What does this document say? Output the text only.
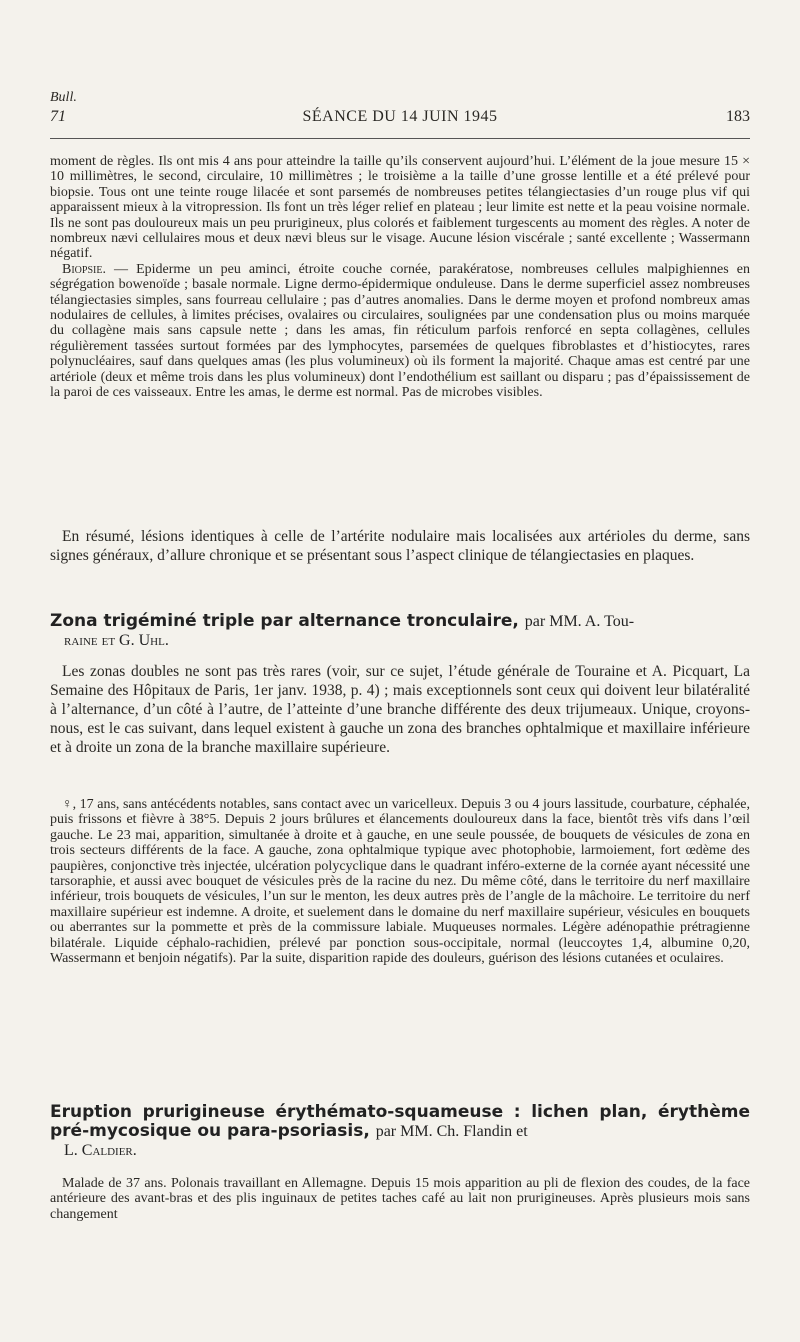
Bull.
71	SÉANCE DU 14 JUIN 1945	183

moment de règles. Ils ont mis 4 ans pour atteindre la taille qu’ils conservent aujourd’hui. L’élément de la joue mesure 15 × 10 millimètres, le second, circulaire, 10 millimètres ; le troisième a la taille d’une grosse lentille et a été prélevé pour biopsie. Tous ont une teinte rouge lilacée et sont parsemés de nombreuses petites télangiectasies d’un rouge plus vif qui apparaissent mieux à la vitropression. Ils font un très léger relief en plateau ; leur limite est nette et la peau voisine normale. Ils ne sont pas douloureux mais un peu prurigineux, plus colorés et faiblement turgescents au moment des règles. A noter de nombreux nævi cellulaires mous et deux nævi bleus sur le visage. Aucune lésion viscérale ; santé excellente ; Wassermann négatif.

Biopsie. — Epiderme un peu aminci, étroite couche cornée, parakératose, nombreuses cellules malpighiennes en ségrégation bowenoïde ; basale normale. Ligne dermo-épidermique onduleuse. Dans le derme superficiel assez nombreuses télangiectasies simples, sans fourreau cellulaire ; pas d’autres anomalies. Dans le derme moyen et profond nombreux amas nodulaires de cellules, à limites précises, ovalaires ou circulaires, soulignées par une condensation plus ou moins marquée du collagène mais sans capsule nette ; dans les amas, fin réticulum parfois renforcé en septa collagènes, cellules régulièrement tassées surtout formées par des lymphocytes, parsemées de quelques fibroblastes et d’histiocytes, rares polynucléaires, sauf dans quelques amas (les plus volumineux) où ils forment la majorité. Chaque amas est centré par une artériole (deux et même trois dans les plus volumineux) dont l’endothélium est saillant ou disparu ; pas d’épaississement de la paroi de ces vaisseaux. Entre les amas, le derme est normal. Pas de microbes visibles.

En résumé, lésions identiques à celle de l’artérite nodulaire mais localisées aux artérioles du derme, sans signes généraux, d’allure chronique et se présentant sous l’aspect clinique de télangiectasies en plaques.

Zona trigéminé triple par alternance tronculaire, par MM. A. Tou-
raine et G. Uhl.

Les zonas doubles ne sont pas très rares (voir, sur ce sujet, l’étude générale de Touraine et A. Picquart, La Semaine des Hôpitaux de Paris, 1er janv. 1938, p. 4) ; mais exceptionnels sont ceux qui doivent leur bilatéralité à l’alternance, d’un côté à l’autre, de l’atteinte d’une branche différente des deux trijumeaux. Unique, croyons-nous, est le cas suivant, dans lequel existent à gauche un zona des branches ophtalmique et maxillaire inférieure et à droite un zona de la branche maxillaire supérieure.

♀, 17 ans, sans antécédents notables, sans contact avec un varicelleux. Depuis 3 ou 4 jours lassitude, courbature, céphalée, puis frissons et fièvre à 38°5. Depuis 2 jours brûlures et élancements douloureux dans la face, bientôt très vifs dans l’œil gauche. Le 23 mai, apparition, simultanée à droite et à gauche, en une seule poussée, de bouquets de vésicules de zona en trois secteurs différents de la face. A gauche, zona ophtalmique typique avec photophobie, larmoiement, fort œdème des paupières, conjonctive très injectée, ulcération polycyclique dans le quadrant inféro-externe de la cornée ayant nécessité une tarsoraphie, et aussi avec bouquet de vésicules près de la racine du nez. Du même côté, dans le territoire du nerf maxillaire inférieur, trois bouquets de vésicules, l’un sur le menton, les deux autres près de l’angle de la mâchoire. Le territoire du nerf maxillaire supérieur est indemne. A droite, et suelement dans le domaine du nerf maxillaire supérieur, vésicules en bouquets ou aberrantes sur la pommette et près de la commissure labiale. Muqueuses normales. Légère adénopathie prétragienne bilatérale. Liquide céphalo-rachidien, prélevé par ponction sous-occipitale, normal (leuccoytes 1,4, albumine 0,20, Wassermann et benjoin négatifs). Par la suite, disparition rapide des douleurs, guérison des lésions cutanées et oculaires.

Eruption prurigineuse érythémato-squameuse : lichen plan, érythème pré-mycosique ou para-psoriasis, par MM. Ch. Flandin et
L. Caldier.

Malade de 37 ans. Polonais travaillant en Allemagne. Depuis 15 mois apparition au pli de flexion des coudes, de la face antérieure des avant-bras et des plis inguinaux de petites taches café au lait non prurigineuses. Après plusieurs mois sans changement
